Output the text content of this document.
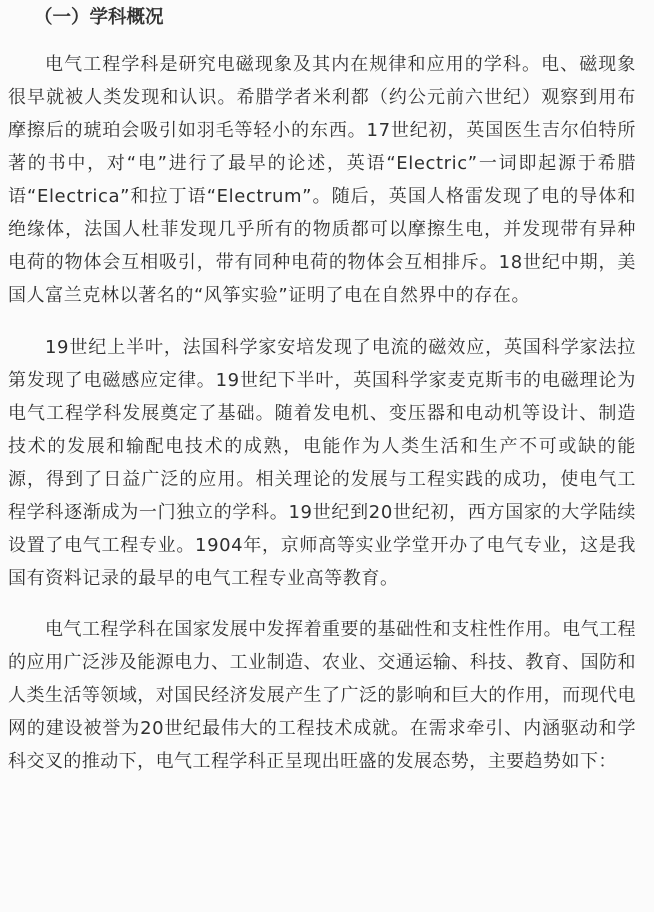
（一）学科概况

电气工程学科是研究电磁现象及其内在规律和应用的学科。电、磁现象很早就被人类发现和认识。希腊学者米利都（约公元前六世纪）观察到用布摩擦后的琥珀会吸引如羽毛等轻小的东西。17世纪初，英国医生吉尔伯特所著的书中，对“电”进行了最早的论述，英语“Electric”一词即起源于希腊语“Electrica”和拉丁语“Electrum”。随后，英国人格雷发现了电的导体和绝缘体，法国人杜菲发现几乎所有的物质都可以摩擦生电，并发现带有异种电荷的物体会互相吸引，带有同种电荷的物体会互相排斥。18世纪中期，美国人富兰克林以著名的“风筝实验”证明了电在自然界中的存在。

19世纪上半叶，法国科学家安培发现了电流的磁效应，英国科学家法拉第发现了电磁感应定律。19世纪下半叶，英国科学家麦克斯韦的电磁理论为电气工程学科发展奠定了基础。随着发电机、变压器和电动机等设计、制造技术的发展和输配电技术的成熟，电能作为人类生活和生产不可或缺的能源，得到了日益广泛的应用。相关理论的发展与工程实践的成功，使电气工程学科逐渐成为一门独立的学科。19世纪到20世纪初，西方国家的大学陆续设置了电气工程专业。1904年，京师高等实业学堂开办了电气专业，这是我国有资料记录的最早的电气工程专业高等教育。

电气工程学科在国家发展中发挥着重要的基础性和支柱性作用。电气工程的应用广泛涉及能源电力、工业制造、农业、交通运输、科技、教育、国防和人类生活等领域，对国民经济发展产生了广泛的影响和巨大的作用，而现代电网的建设被誉为20世纪最伟大的工程技术成就。在需求牵引、内涵驱动和学科交叉的推动下，电气工程学科正呈现出旺盛的发展态势，主要趋势如下：
